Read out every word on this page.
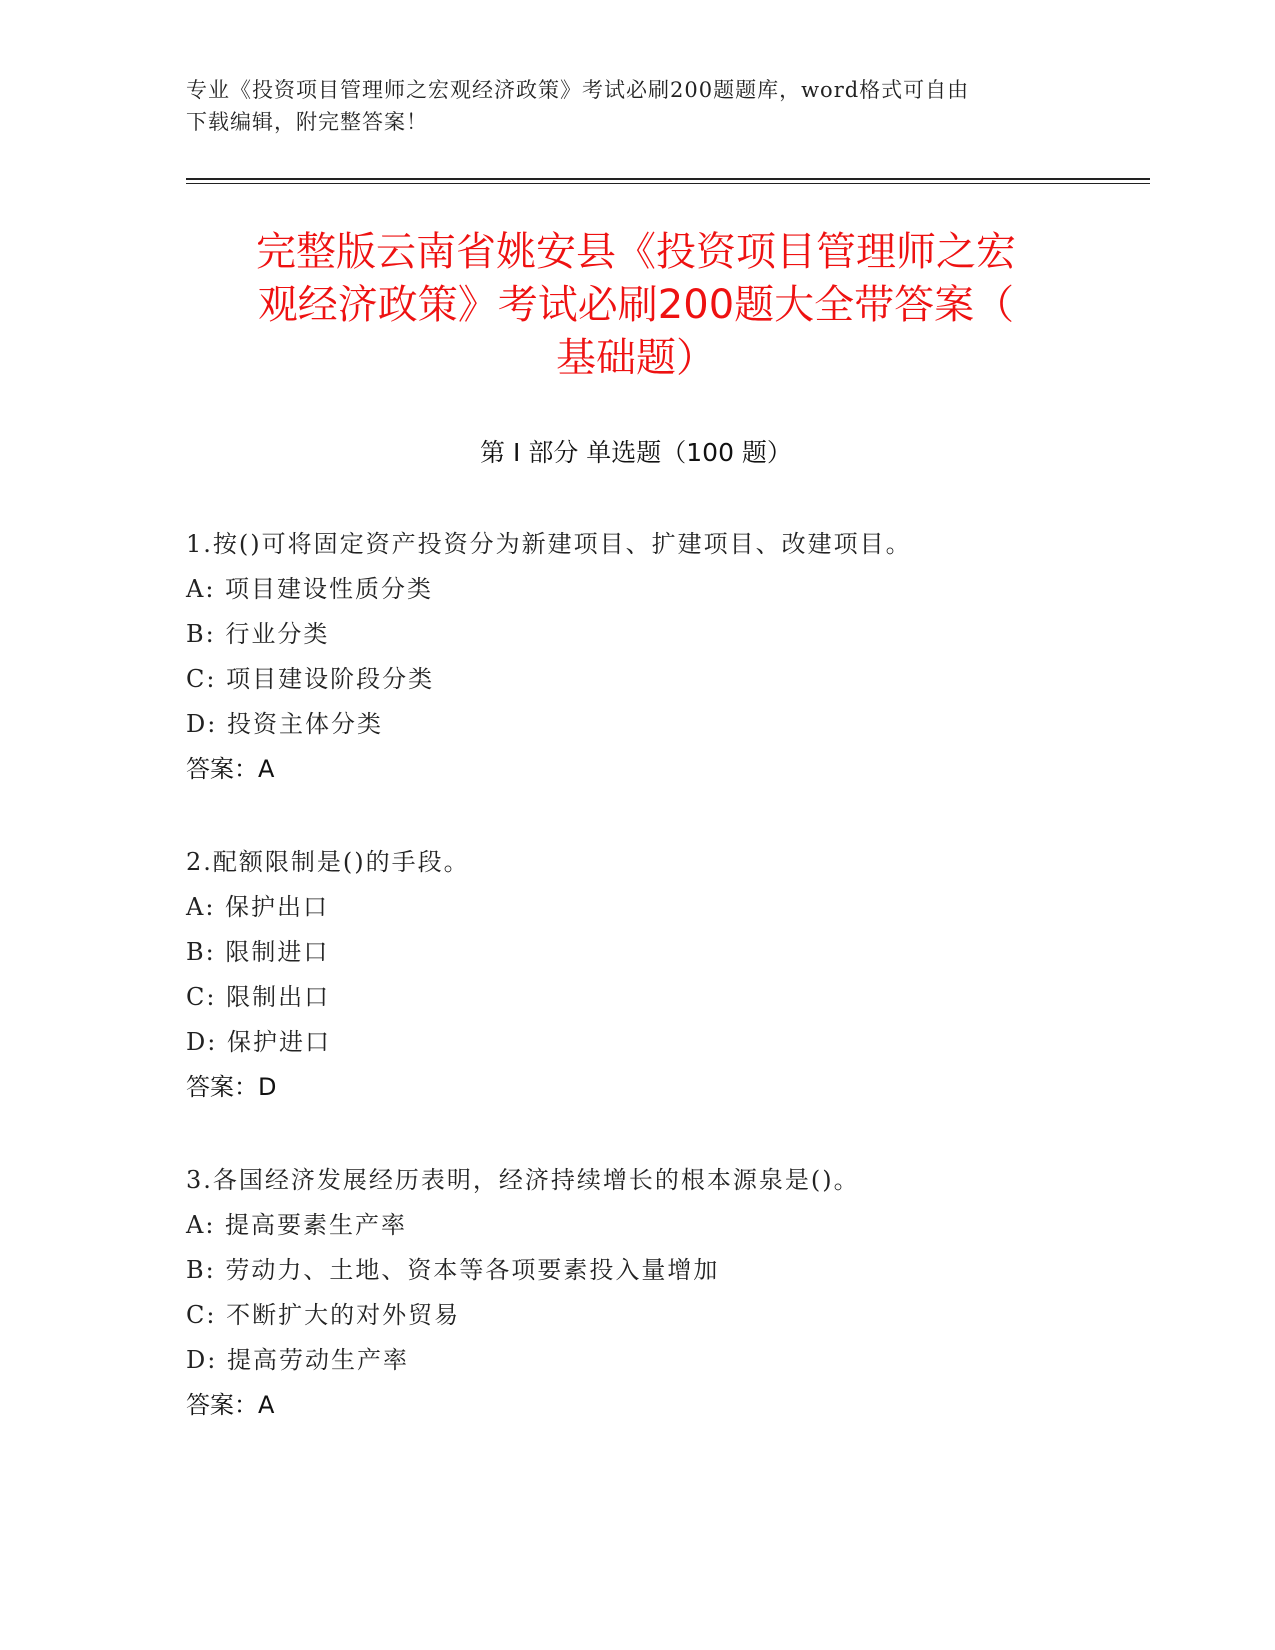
专业《投资项目管理师之宏观经济政策》考试必刷200题题库，word格式可自由
下载编辑，附完整答案！
完整版云南省姚安县《投资项目管理师之宏
观经济政策》考试必刷200题大全带答案（
基础题）
第 I 部分 单选题（100 题）
1.按()可将固定资产投资分为新建项目、扩建项目、改建项目。
A: 项目建设性质分类
B: 行业分类
C: 项目建设阶段分类
D: 投资主体分类
答案：A
2.配额限制是()的手段。
A: 保护出口
B: 限制进口
C: 限制出口
D: 保护进口
答案：D
3.各国经济发展经历表明，经济持续增长的根本源泉是()。
A: 提高要素生产率
B: 劳动力、土地、资本等各项要素投入量增加
C: 不断扩大的对外贸易
D: 提高劳动生产率
答案：A
